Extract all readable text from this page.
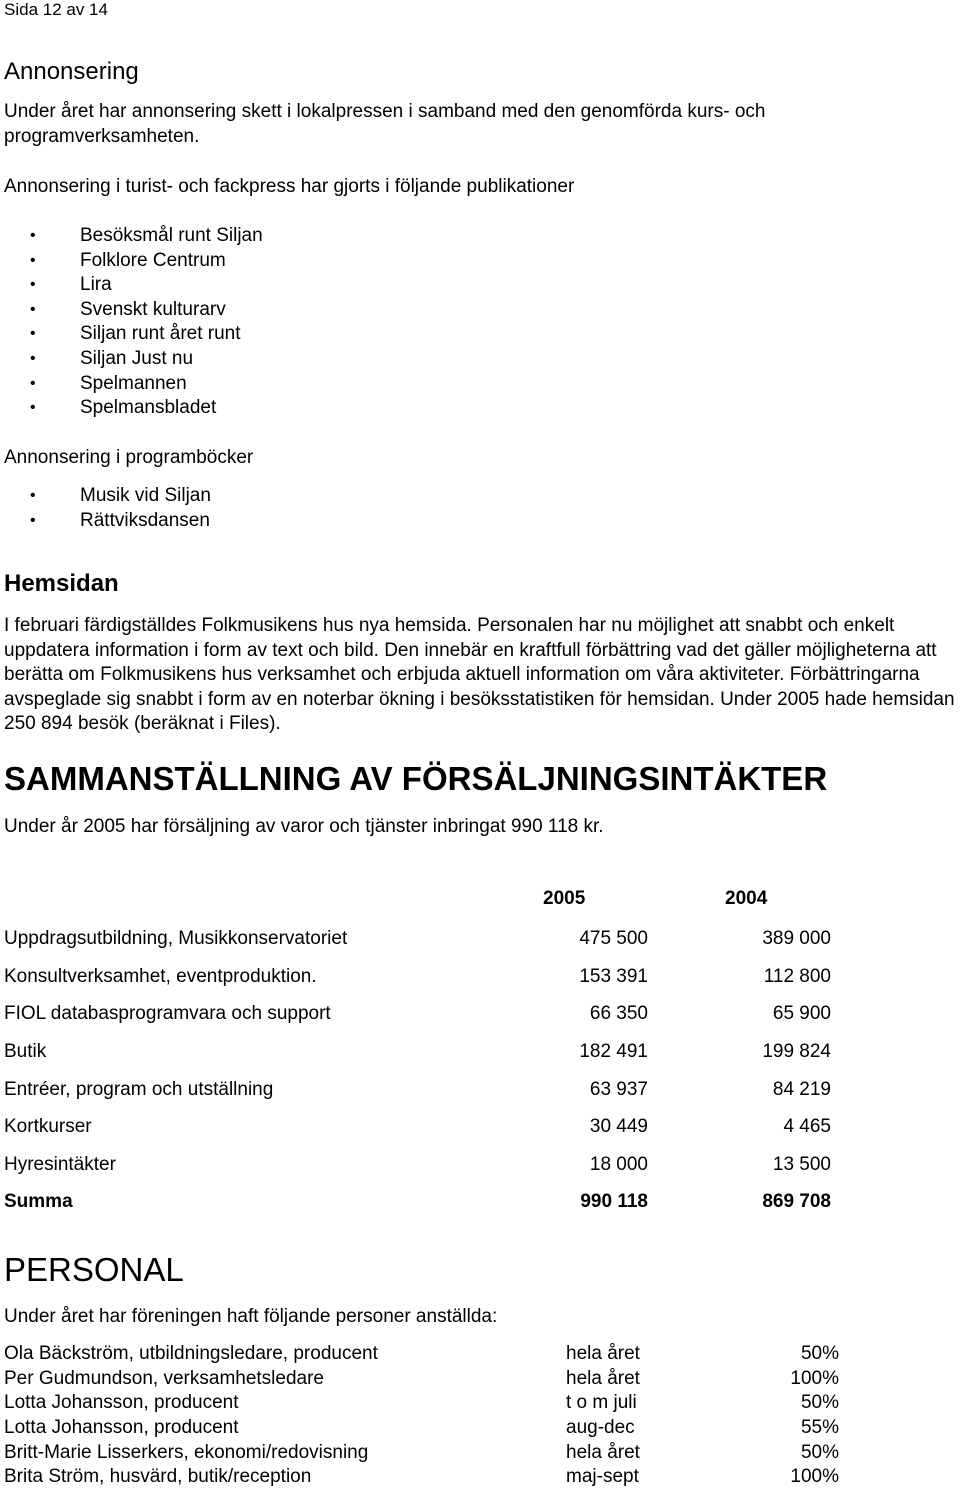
Sida 12 av 14
Annonsering
Under året har annonsering skett i lokalpressen i samband med den genomförda kurs- och programverksamheten.
Annonsering i turist- och fackpress har gjorts i följande publikationer
• Besöksmål runt Siljan
• Folklore Centrum
• Lira
• Svenskt kulturarv
• Siljan runt året runt
• Siljan Just nu
• Spelmannen
• Spelmansbladet
Annonsering i programböcker
• Musik vid Siljan
• Rättviksdansen
Hemsidan
I februari färdigställdes Folkmusikens hus nya hemsida. Personalen har nu möjlighet att snabbt och enkelt uppdatera information i form av text och bild. Den innebär en kraftfull förbättring vad det gäller möjligheterna att berätta om Folkmusikens hus verksamhet och erbjuda aktuell information om våra aktiviteter. Förbättringarna avspeglade sig snabbt i form av en noterbar ökning i besöksstatistiken för hemsidan. Under 2005 hade hemsidan 250 894 besök (beräknat i Files).
SAMMANSTÄLLNING AV FÖRSÄLJNINGSINTÄKTER
Under år 2005 har försäljning av varor och tjänster inbringat 990 118 kr.
2005	2004
Uppdragsutbildning, Musikkonservatoriet	475 500	389 000
Konsultverksamhet, eventproduktion.	153 391	112 800
FIOL databasprogramvara och support	66 350	65 900
Butik	182 491	199 824
Entréer, program och utställning	63 937	84 219
Kortkurser	30 449	4 465
Hyresintäkter	18 000	13 500
Summa	990 118	869 708
PERSONAL
Under året har föreningen haft följande personer anställda:
Ola Bäckström, utbildningsledare, producent	hela året	50%
Per Gudmundson, verksamhetsledare	hela året	100%
Lotta Johansson, producent	t o m juli	50%
Lotta Johansson, producent	aug-dec	55%
Britt-Marie Lisserkers, ekonomi/redovisning	hela året	50%
Brita Ström, husvärd, butik/reception	maj-sept	100%
